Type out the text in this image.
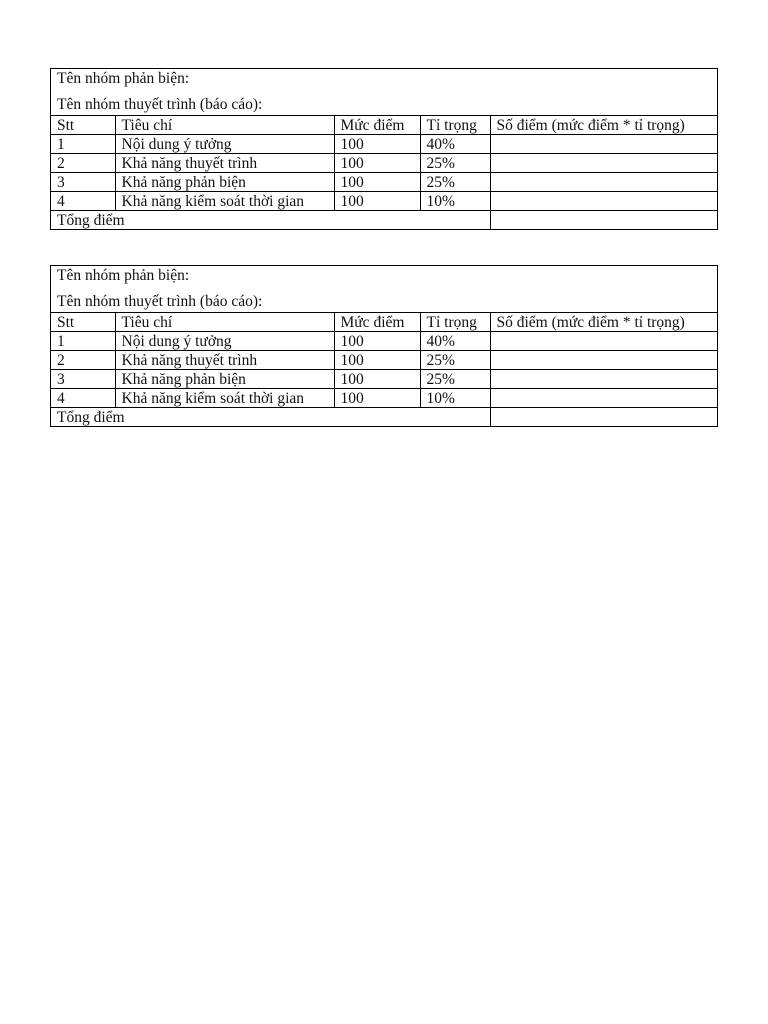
Tên nhóm phản biện:
Tên nhóm thuyết trình (báo cáo):
Stt	Tiêu chí	Mức điểm	Tỉ trọng	Số điểm (mức điểm * tỉ trọng)
1	Nội dung ý tưởng	100	40%	
2	Khả năng thuyết trình	100	25%	
3	Khả năng phản biện	100	25%	
4	Khả năng kiểm soát thời gian	100	10%	
Tổng điểm				
Tên nhóm phản biện:
Tên nhóm thuyết trình (báo cáo):
Stt	Tiêu chí	Mức điểm	Tỉ trọng	Số điểm (mức điểm * tỉ trọng)
1	Nội dung ý tưởng	100	40%	
2	Khả năng thuyết trình	100	25%	
3	Khả năng phản biện	100	25%	
4	Khả năng kiểm soát thời gian	100	10%	
Tổng điểm				
